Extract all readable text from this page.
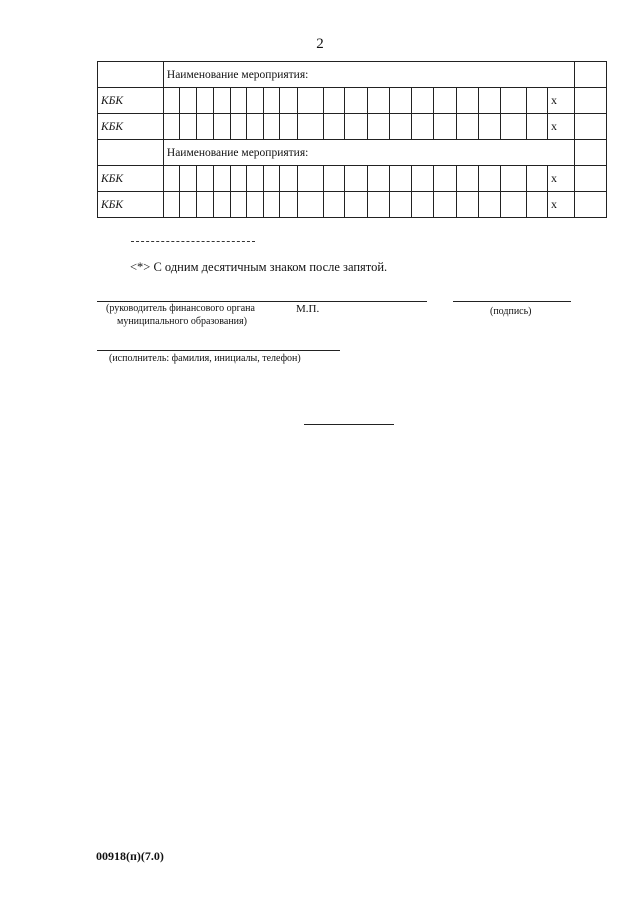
2
	Наименование мероприятия:																				
КБК																				x	
КБК																				x	
	Наименование мероприятия:																				
КБК																				x	
КБК																				x	
<*> С одним десятичным знаком после запятой.
(руководитель финансового органа
муниципального образования)
М.П.	(подпись)
(исполнитель: фамилия, инициалы, телефон)
00918(п)(7.0)
